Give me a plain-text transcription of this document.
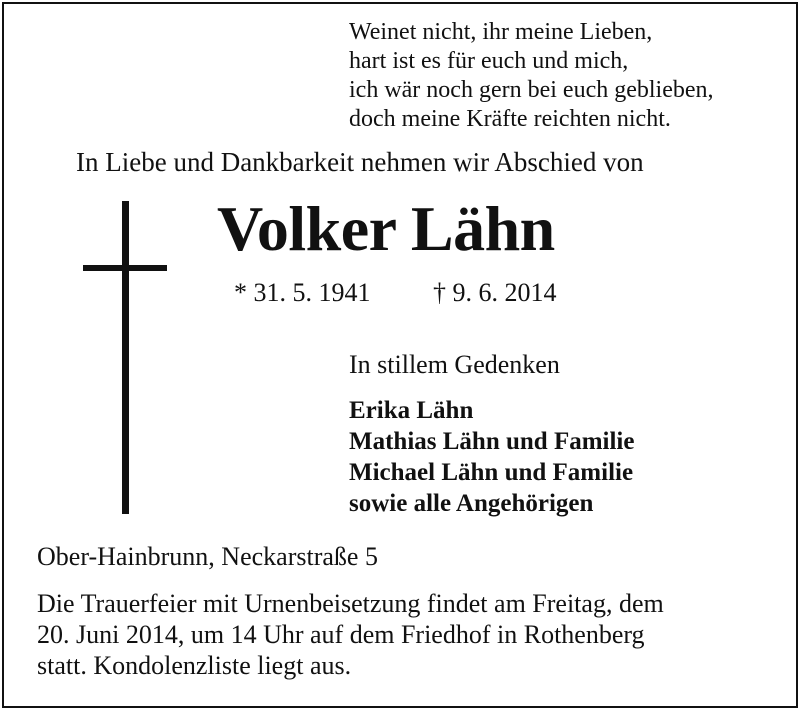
Weinet nicht, ihr meine Lieben,
hart ist es für euch und mich,
ich wär noch gern bei euch geblieben,
doch meine Kräfte reichten nicht.
In Liebe und Dankbarkeit nehmen wir Abschied von
Volker Lähn
* 31. 5. 1941 † 9. 6. 2014
In stillem Gedenken
Erika Lähn
Mathias Lähn und Familie
Michael Lähn und Familie
sowie alle Angehörigen
Ober-Hainbrunn, Neckarstraße 5
Die Trauerfeier mit Urnenbeisetzung findet am Freitag, dem
20. Juni 2014, um 14 Uhr auf dem Friedhof in Rothenberg
statt. Kondolenzliste liegt aus.
